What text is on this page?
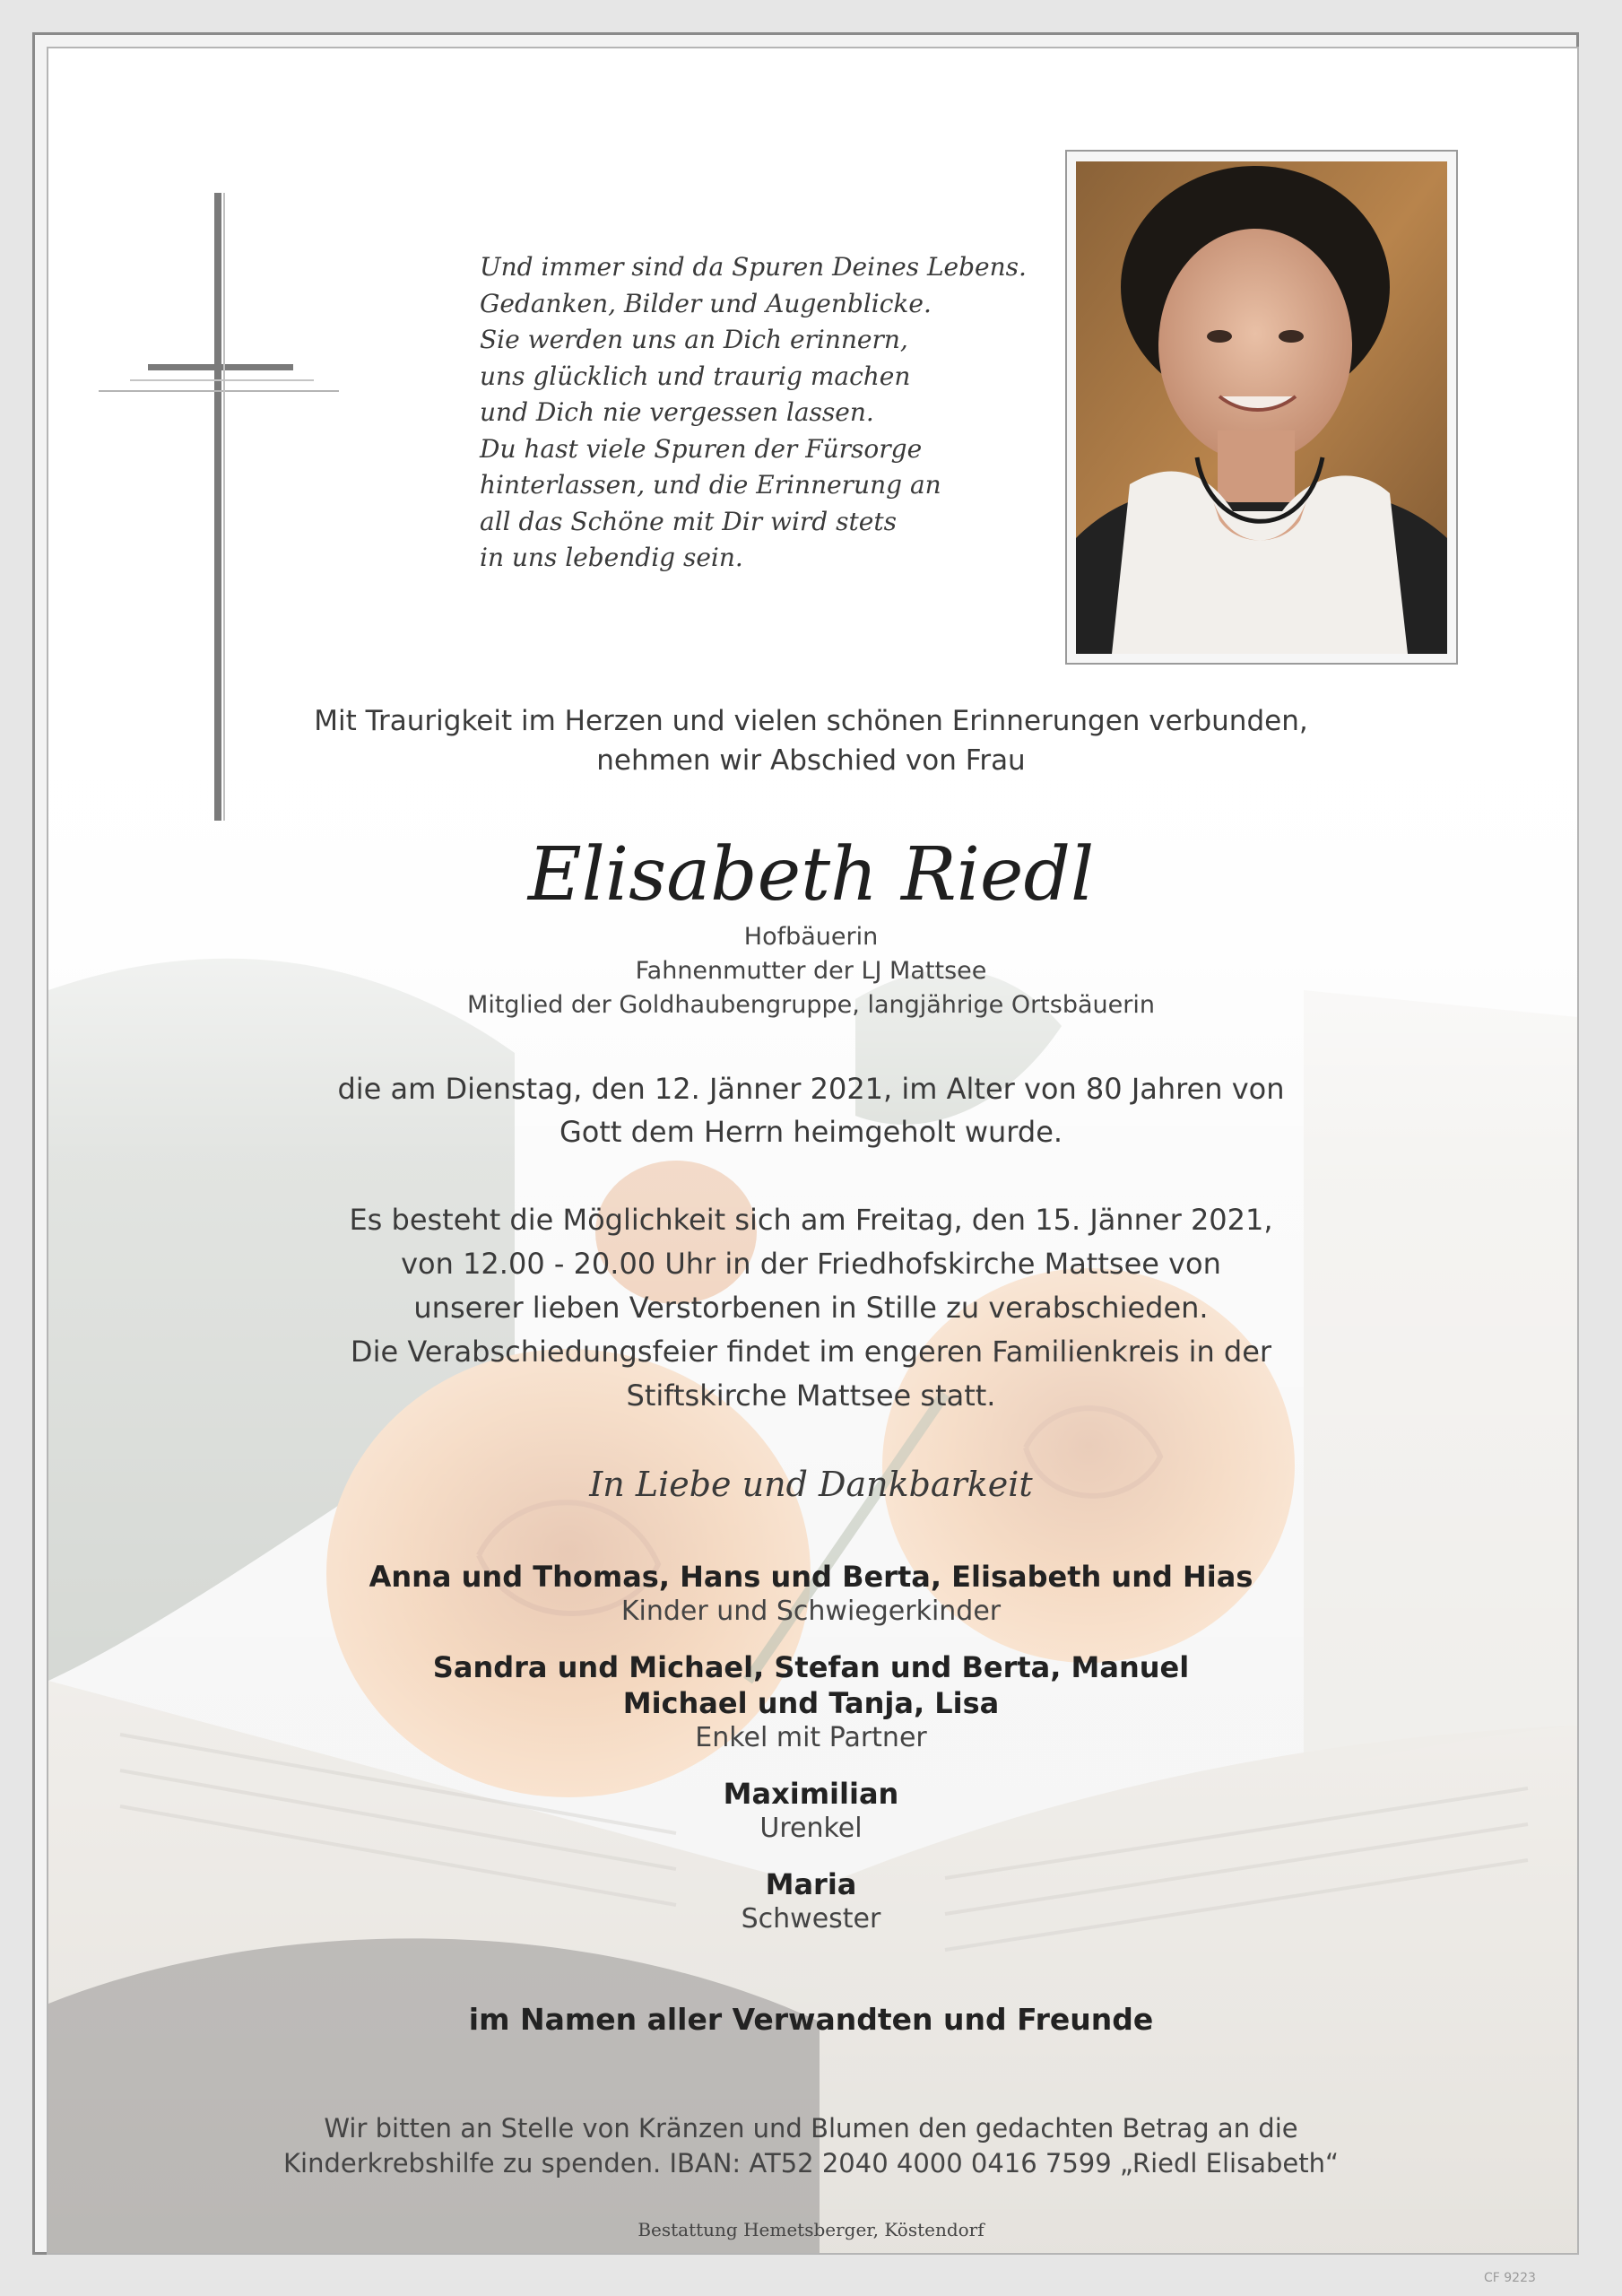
Und immer sind da Spuren Deines Lebens.
Gedanken, Bilder und Augenblicke.
Sie werden uns an Dich erinnern,
uns glücklich und traurig machen
und Dich nie vergessen lassen.
Du hast viele Spuren der Fürsorge
hinterlassen, und die Erinnerung an
all das Schöne mit Dir wird stets
in uns lebendig sein.
Mit Traurigkeit im Herzen und vielen schönen Erinnerungen verbunden,
nehmen wir Abschied von Frau
Elisabeth Riedl
Hofbäuerin
Fahnenmutter der LJ Mattsee
Mitglied der Goldhaubengruppe, langjährige Ortsbäuerin
die am Dienstag, den 12. Jänner 2021, im Alter von 80 Jahren von
Gott dem Herrn heimgeholt wurde.
Es besteht die Möglichkeit sich am Freitag, den 15. Jänner 2021,
von 12.00 - 20.00 Uhr in der Friedhofskirche Mattsee von
unserer lieben Verstorbenen in Stille zu verabschieden.
Die Verabschiedungsfeier findet im engeren Familienkreis in der
Stiftskirche Mattsee statt.
In Liebe und Dankbarkeit
Anna und Thomas, Hans und Berta, Elisabeth und Hias
Kinder und Schwiegerkinder
Sandra und Michael, Stefan und Berta, Manuel
Michael und Tanja, Lisa
Enkel mit Partner
Maximilian
Urenkel
Maria
Schwester
im Namen aller Verwandten und Freunde
Wir bitten an Stelle von Kränzen und Blumen den gedachten Betrag an die
Kinderkrebshilfe zu spenden. IBAN: AT52 2040 4000 0416 7599 „Riedl Elisabeth“
Bestattung Hemetsberger, Köstendorf
CF 9223
